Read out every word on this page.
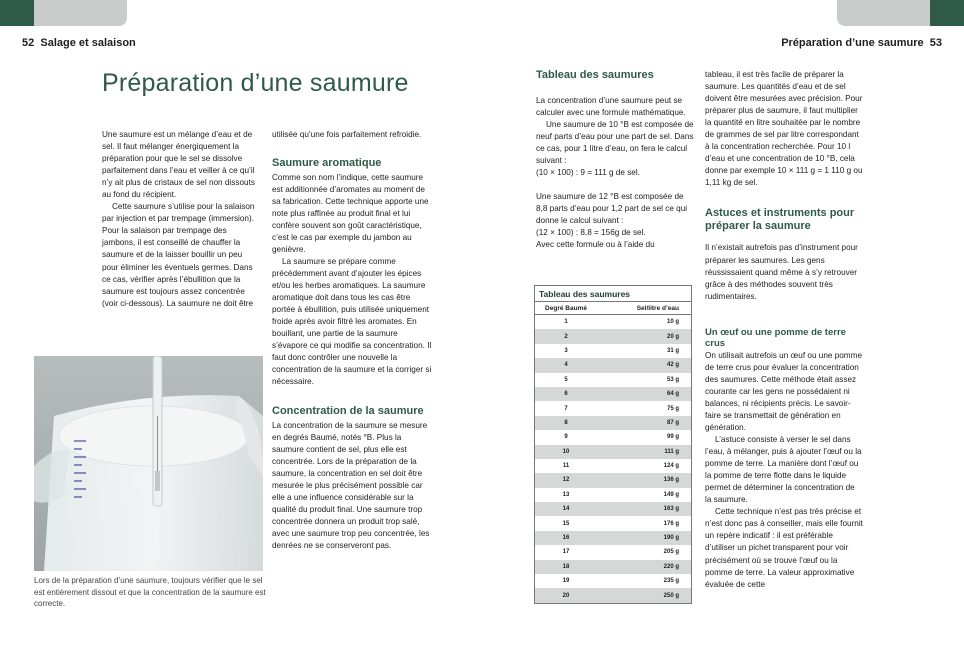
52 Salage et salaison	Préparation d’une saumure 53
Préparation d’une saumure

Une saumure est un mélange d’eau et de sel. Il faut mélanger énergiquement la préparation pour que le sel se dissolve parfaitement dans l’eau et veiller à ce qu’il n’y ait plus de cristaux de sel non dissouts au fond du récipient.

Cette saumure s’utilise pour la salaison par injection et par trempage (immersion). Pour la salaison par trempage des jambons, il est conseillé de chauffer la saumure et de la laisser bouillir un peu pour éliminer les éventuels germes. Dans ce cas, vérifier après l’ébullition que la saumure est toujours assez concentrée (voir ci-dessous). La saumure ne doit être

Lors de la préparation d’une saumure, toujours vérifier que le sel est entièrement dissout et que la concentration de la saumure est correcte.

utilisée qu’une fois parfaitement refroidie.

Saumure aromatique

Comme son nom l’indique, cette saumure est additionnée d’aromates au moment de sa fabrication. Cette technique apporte une note plus raffinée au produit final et lui confère souvent son goût caractéristique, c’est le cas par exemple du jambon au genièvre.

La saumure se prépare comme précédemment avant d’ajouter les épices et/ou les herbes aromatiques. La saumure aromatique doit dans tous les cas être portée à ébullition, puis utilisée uniquement froide après avoir filtré les aromates. En bouillant, une partie de la saumure s’évapore ce qui modifie sa concentration. Il faut donc contrôler une nouvelle la concentration de la saumure et la corriger si nécessaire.

Concentration de la saumure

La concentration de la saumure se mesure en degrés Baumé, notés °B. Plus la saumure contient de sel, plus elle est concentrée. Lors de la préparation de la saumure, la concentration en sel doit être mesurée le plus précisément possible car elle a une influence considérable sur la qualité du produit final. Une saumure trop concentrée donnera un produit trop salé, avec une saumure trop peu concentrée, les denrées ne se conserveront pas.

Tableau des saumures

La concentration d’une saumure peut se calculer avec une formule mathématique.

Une saumure de 10 °B est composée de neuf parts d’eau pour une part de sel. Dans ce cas, pour 1 litre d’eau, on fera le calcul suivant :

(10 × 100) : 9 = 111 g de sel.

Une saumure de 12 °B est composée de 8,8 parts d’eau pour 1,2 part de sel ce qui donne le calcul suivant :

(12 × 100) : 8,8 = 156g de sel.

Avec cette formule ou à l’aide du

Tableau des saumures
Degré Baumé	Sel/litre d’eau
1	10 g
2	20 g
3	31 g
4	42 g
5	53 g
6	64 g
7	75 g
8	87 g
9	99 g
10	111 g
11	124 g
12	136 g
13	149 g
14	163 g
15	176 g
16	190 g
17	205 g
18	220 g
19	235 g
20	250 g

tableau, il est très facile de préparer la saumure. Les quantités d’eau et de sel doivent être mesurées avec précision. Pour préparer plus de saumure, il faut multiplier la quantité en litre souhaitée par le nombre de grammes de sel par litre correspondant à la concentration recherchée. Pour 10 l d’eau et une concentration de 10 °B, cela donne par exemple 10 × 111 g = 1 110 g ou 1,11 kg de sel.

Astuces et instruments pour préparer la saumure

Il n’existait autrefois pas d’instrument pour préparer les saumures. Les gens réussissaient quand même à s’y retrouver grâce à des méthodes souvent très rudimentaires.

Un œuf ou une pomme de terre crus

On utilisait autrefois un œuf ou une pomme de terre crus pour évaluer la concentration des saumures. Cette méthode était assez courante car les gens ne possédaient ni balances, ni récipients précis. Le savoir-faire se transmettait de génération en génération.

L’astuce consiste à verser le sel dans l’eau, à mélanger, puis à ajouter l’œuf ou la pomme de terre. La manière dont l’œuf ou la pomme de terre flotte dans le liquide permet de déterminer la concentration de la saumure.

Cette technique n’est pas très précise et n’est donc pas à conseiller, mais elle fournit un repère indicatif : il est préférable d’utiliser un pichet transparent pour voir précisément où se trouve l’œuf ou la pomme de terre. La valeur approximative évaluée de cette
